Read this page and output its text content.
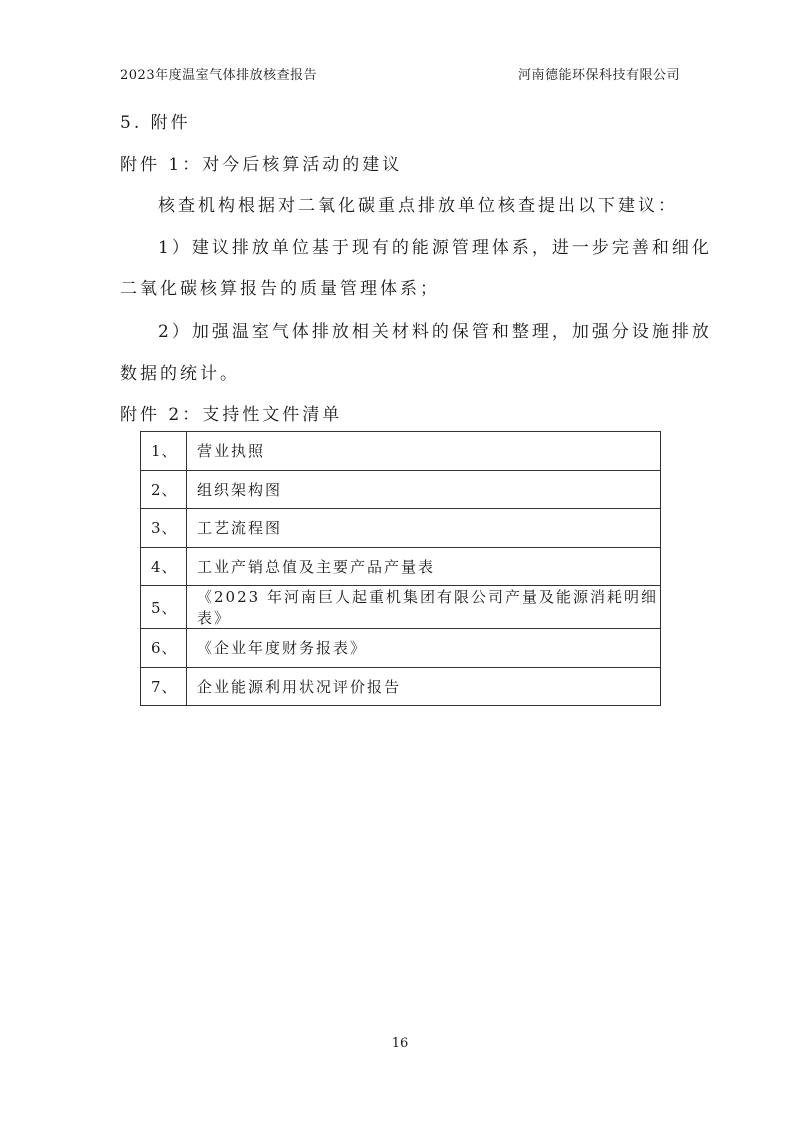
2023年度温室气体排放核查报告	河南德能环保科技有限公司
5. 附件
附件 1：对今后核算活动的建议
核查机构根据对二氧化碳重点排放单位核查提出以下建议：
1）建议排放单位基于现有的能源管理体系，进一步完善和细化
二氧化碳核算报告的质量管理体系；
2）加强温室气体排放相关材料的保管和整理，加强分设施排放
数据的统计。
附件 2：支持性文件清单
1、	营业执照
2、	组织架构图
3、	工艺流程图
4、	工业产销总值及主要产品产量表
5、	《2023 年河南巨人起重机集团有限公司产量及能源消耗明细表》
6、	《企业年度财务报表》
7、	企业能源利用状况评价报告
16
